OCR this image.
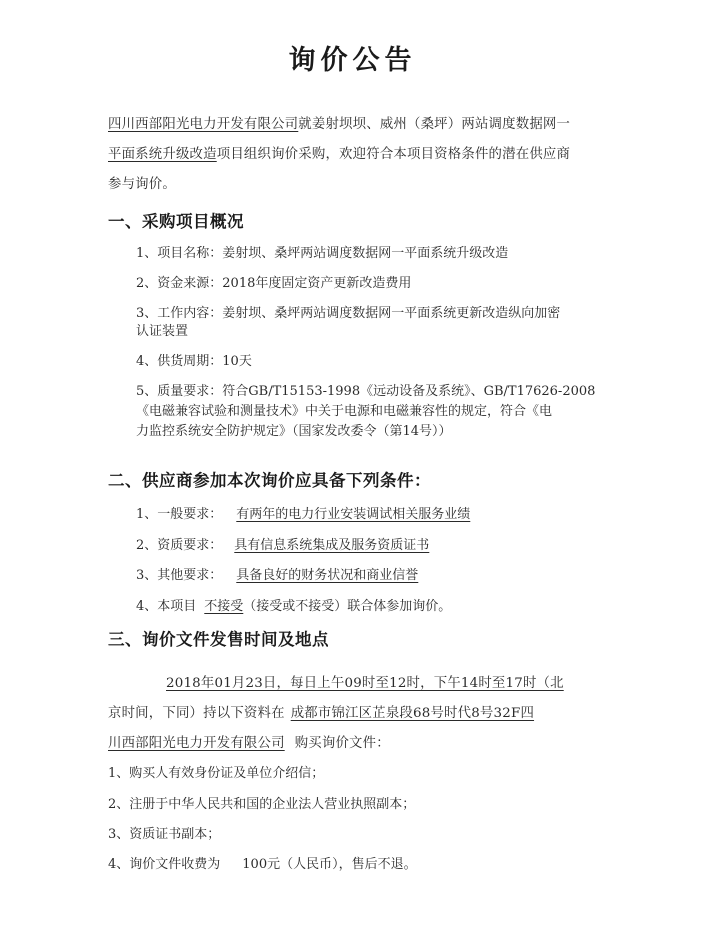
询价公告
四川西部阳光电力开发有限公司就姜射坝坝、威州（桑坪）两站调度数据网一
平面系统升级改造项目组织询价采购，欢迎符合本项目资格条件的潜在供应商
参与询价。
一、采购项目概况
1、项目名称：姜射坝、桑坪两站调度数据网一平面系统升级改造
2、资金来源：2018年度固定资产更新改造费用
3、工作内容：姜射坝、桑坪两站调度数据网一平面系统更新改造纵向加密
认证装置
4、供货周期：10天
5、质量要求：符合GB/T15153-1998《远动设备及系统》、GB/T17626-2008
《电磁兼容试验和测量技术》中关于电源和电磁兼容性的规定，符合《电
力监控系统安全防护规定》（国家发改委令（第14号））
二、供应商参加本次询价应具备下列条件：
1、一般要求： 有两年的电力行业安装调试相关服务业绩
2、资质要求： 具有信息系统集成及服务资质证书
3、其他要求： 具备良好的财务状况和商业信誉
4、本项目 不接受（接受或不接受）联合体参加询价。
三、询价文件发售时间及地点
2018年01月23日，每日上午09时至12时，下午14时至17时（北
京时间，下同）持以下资料在 成都市锦江区芷泉段68号时代8号32F四
川西部阳光电力开发有限公司 购买询价文件：
1、购买人有效身份证及单位介绍信；
2、注册于中华人民共和国的企业法人营业执照副本；
3、资质证书副本；
4、询价文件收费为 100元（人民币），售后不退。
